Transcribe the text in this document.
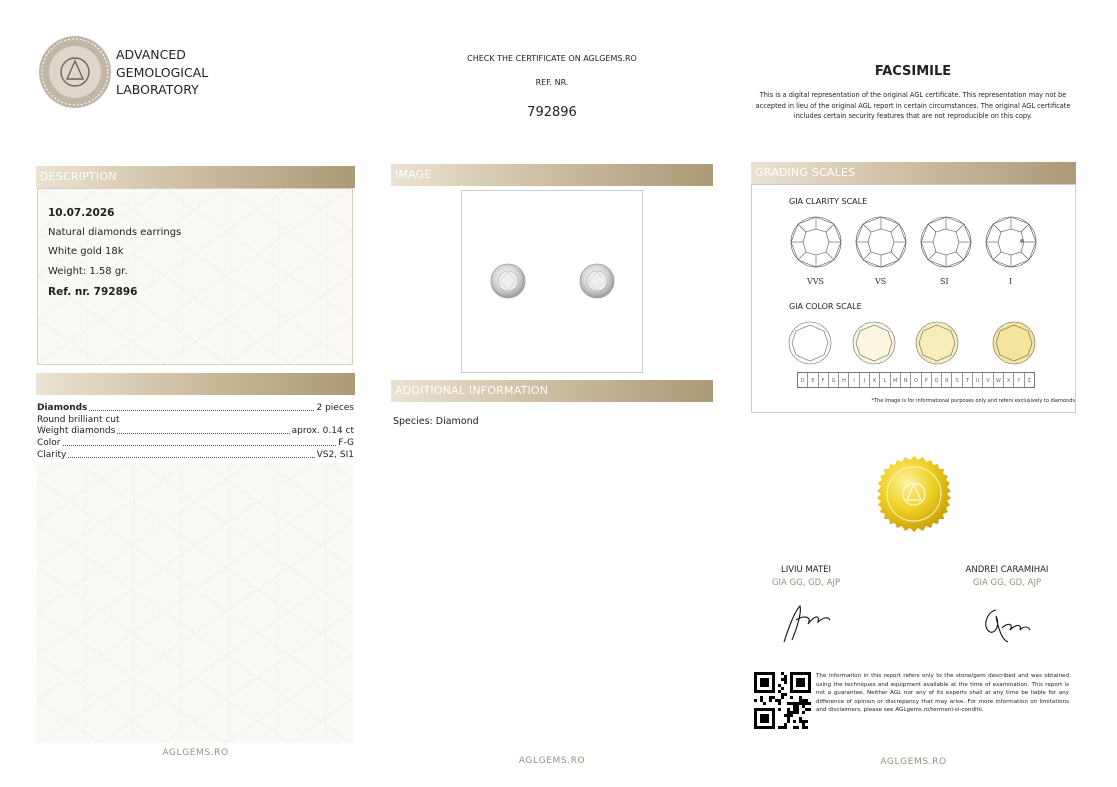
ADVANCED
GEMOLOGICAL
LABORATORY
CHECK THE CERTIFICATE ON AGLGEMS.RO
REF. NR.
792896
FACSIMILE
This is a digital representation of the original AGL certificate. This representation may not be accepted in lieu of the original AGL report in certain circumstances. The original AGL certificate includes certain security features that are not reproducible on this copy.
DESCRIPTION
10.07.2026
Natural diamonds earrings
White gold 18k
Weight: 1.58 gr.
Ref. nr. 792896
Diamonds	2 pieces
Round brilliant cut
Weight diamonds	aprox. 0.14 ct
Color	F-G
Clarity	VS2, SI1
AGLGEMS.RO
IMAGE
ADDITIONAL INFORMATION
Species: Diamond
AGLGEMS.RO
GRADING SCALES
GIA CLARITY SCALE
VVS	VS	SI	I
GIA COLOR SCALE
D	E	F	G	H	I	J	K	L	M	N	O	P	Q	R	S	T	U	V	W	X	Y	Z
*The image is for informational purposes only and refers exclusively to diamonds
LIVIU MATEI
GIA GG, GD, AJP
ANDREI CARAMIHAI
GIA GG, GD, AJP
The information in this report refers only to the stone/gem described and was obtained using the techniques and equipment available at the time of examination. This report is not a guarantee. Neither AGL nor any of its experts shall at any time be liable for any difference of opinion or discrepancy that may arise. For more information on limitations and disclaimers, please see AGLgems.ro/termeni-si-conditii.
AGLGEMS.RO
